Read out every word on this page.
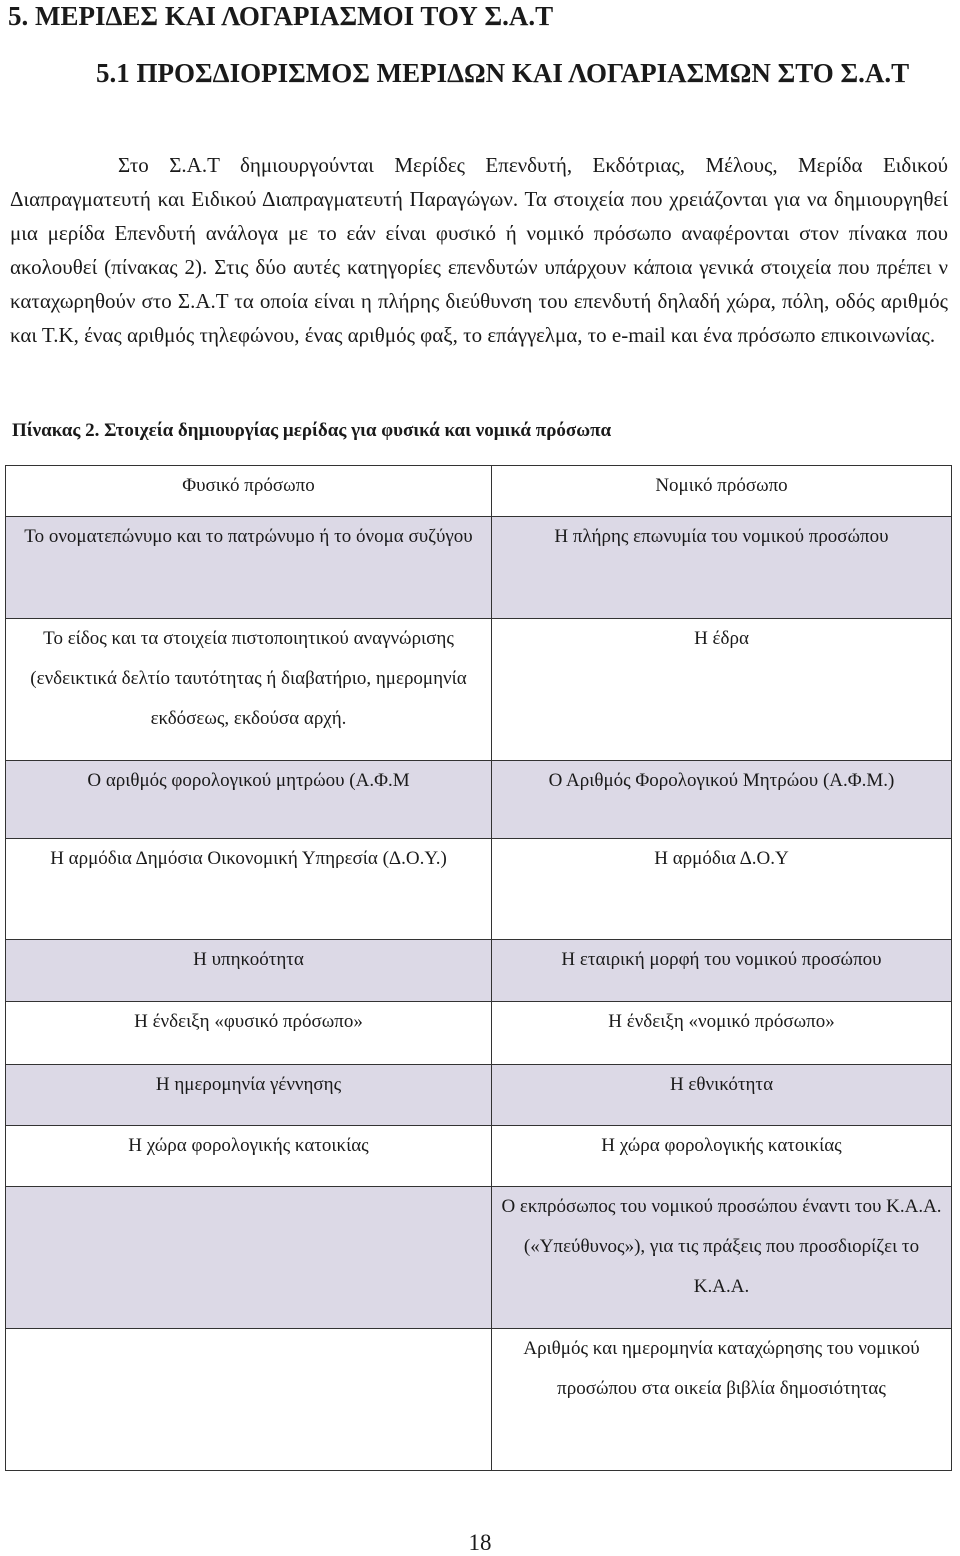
5. ΜΕΡΙΔΕΣ ΚΑΙ ΛΟΓΑΡΙΑΣΜΟΙ ΤΟΥ Σ.Α.Τ
5.1 ΠΡΟΣΔΙΟΡΙΣΜΟΣ ΜΕΡΙΔΩΝ ΚΑΙ ΛΟΓΑΡΙΑΣΜΩΝ ΣΤΟ Σ.Α.Τ

Στο Σ.Α.Τ δημιουργούνται Μερίδες Επενδυτή, Εκδότριας, Μέλους, Μερίδα Ειδικού Διαπραγματευτή και Ειδικού Διαπραγματευτή Παραγώγων. Τα στοιχεία που χρειάζονται για να δημιουργηθεί μια μερίδα Επενδυτή ανάλογα με το εάν είναι φυσικό ή νομικό πρόσωπο αναφέρονται στον πίνακα που ακολουθεί (πίνακας 2). Στις δύο αυτές κατηγορίες επενδυτών υπάρχουν κάποια γενικά στοιχεία που πρέπει ν καταχωρηθούν στο Σ.Α.Τ τα οποία είναι η πλήρης διεύθυνση του επενδυτή δηλαδή χώρα, πόλη, οδός αριθμός και Τ.Κ, ένας αριθμός τηλεφώνου, ένας αριθμός φαξ, το επάγγελμα, το e-mail και ένα πρόσωπο επικοινωνίας.

Πίνακας 2. Στοιχεία δημιουργίας μερίδας για φυσικά και νομικά πρόσωπα

Φυσικό πρόσωπο	Νομικό πρόσωπο
Το ονοματεπώνυμο και το πατρώνυμο ή το όνομα συζύγου	Η πλήρης επωνυμία του νομικού προσώπου
Το είδος και τα στοιχεία πιστοποιητικού αναγνώρισης (ενδεικτικά δελτίο ταυτότητας ή διαβατήριο, ημερομηνία εκδόσεως, εκδούσα αρχή.	Η έδρα
Ο αριθμός φορολογικού μητρώου (Α.Φ.Μ	Ο Αριθμός Φορολογικού Μητρώου (Α.Φ.Μ.)
Η αρμόδια Δημόσια Οικονομική Υπηρεσία (Δ.Ο.Υ.)	Η αρμόδια Δ.Ο.Υ
Η υπηκοότητα	Η εταιρική μορφή του νομικού προσώπου
Η ένδειξη «φυσικό πρόσωπο»	Η ένδειξη «νομικό πρόσωπο»
Η ημερομηνία γέννησης	Η εθνικότητα
Η χώρα φορολογικής κατοικίας	Η χώρα φορολογικής κατοικίας
	Ο εκπρόσωπος του νομικού προσώπου έναντι του Κ.Α.Α. («Υπεύθυνος»), για τις πράξεις που προσδιορίζει το Κ.Α.Α.
	Αριθμός και ημερομηνία καταχώρησης του νομικού προσώπου στα οικεία βιβλία δημοσιότητας

18
